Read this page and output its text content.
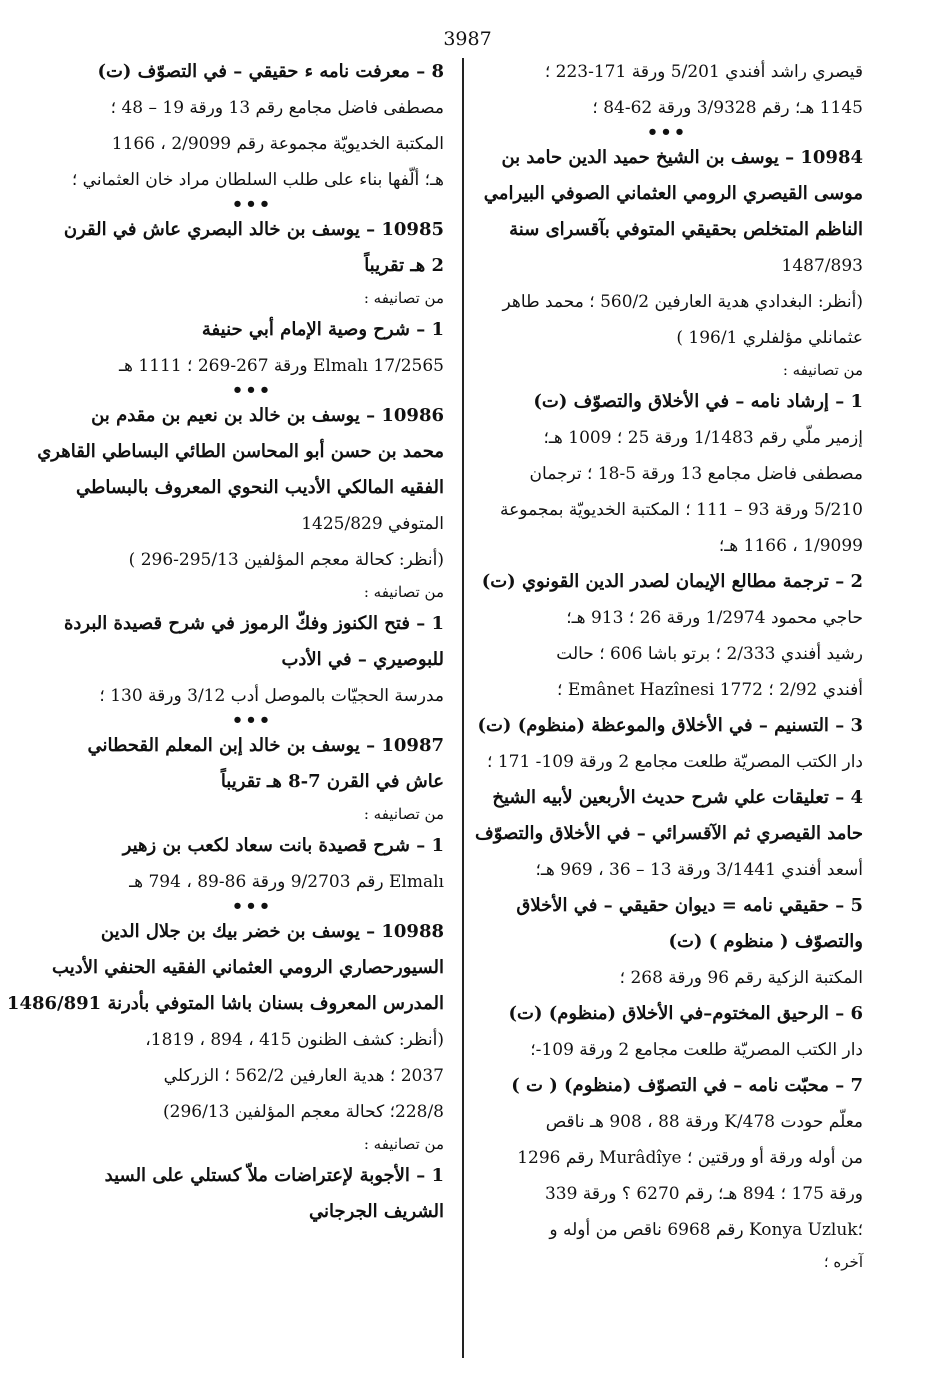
3987
قيصري راشد أفندي 5/201 ورقة 171-223 ؛
1145 هـ؛ رقم 3/9328 ورقة 62-84 ؛
•••
10984 – يوسف بن الشيخ حميد الدين حامد بن
موسى القيصري الرومي العثماني الصوفي البيرامي
الناظم المتخلص بحقيقي المتوفي بآقسراى سنة
1487/893
(أنظر: البغدادي هدية العارفين 560/2 ؛ محمد طاهر
عثمانلي مؤلفلري 196/1 )
من تصانيفه :
1 – إرشاد نامه – في الأخلاق والتصوّف (ت)
إزمير ملّي رقم 1/1483 ورقة 25 ؛ 1009 هـ؛
مصطفى فاضل مجامع 13 ورقة 5-18 ؛ ترجمان
5/210 ورقة 93 – 111 ؛ المكتبة الخديويّة بمجموعة
1/9099 ، 1166 هـ؛
2 – ترجمة مطالع الإيمان لصدر الدين القونوي (ت)
حاجي محمود 1/2974 ورقة 26 ؛ 913 هـ؛
رشيد أفندي 2/333 ؛ برتو باشا 606 ؛ حالت
أفندي 2/92 ؛ 1772 Emânet Hazînesi ؛
3 – التسنيم – في الأخلاق والموعظة (منظوم) (ت)
دار الكتب المصريّة طلعت مجامع 2 ورقة 109- 171 ؛
4 – تعليقات علي شرح حديث الأربعين لأبيه الشيخ
حامد القيصري ثم الآقسرائي – في الأخلاق والتصوّف
أسعد أفندي 3/1441 ورقة 13 – 36 ، 969 هـ؛
5 – حقيقي نامه = ديوان حقيقي – في الأخلاق
والتصوّف ( منظوم ) (ت)
المكتبة الزكية رقم 96 ورقة 268 ؛
6 – الرحيق المختوم–في الأخلاق (منظوم) (ت)
دار الكتب المصريّة طلعت مجامع 2 ورقة 109-؛
7 – محبّت نامه – في التصوّف (منظوم) ( ت )
معلّم حودت 478/K ورقة 88 ، 908 هـ ناقص
من أوله ورقة أو ورقتين ؛ Murâdîye رقم 1296
ورقة 175 ؛ 894 هـ؛ رقم 6270 ؟ ورقة 339
؛Konya Uzluk رقم 6968 ناقص من أوله و
آخره ؛
8 – معرفت نامه ء حقيقي – في التصوّف (ت)
مصطفى فاضل مجامع رقم 13 ورقة 19 – 48 ؛
المكتبة الخديويّة مجموعة رقم 2/9099 ، 1166
هـ؛ ألّفها بناء على طلب السلطان مراد خان العثماني ؛
•••
10985 – يوسف بن خالد البصري عاش في القرن
2 هـ تقريباً
من تصانيفه :
1 – شرح وصية الإمام أبي حنيفة
17/2565 Elmalı ورقة 267-269 ؛ 1111 هـ
•••
10986 – يوسف بن خالد بن نعيم بن مقدم بن
محمد بن حسن أبو المحاسن الطائي البساطي القاهري
الفقيه المالكي الأديب النحوي المعروف بالبساطي
المتوفي 1425/829
(أنظر: كحالة معجم المؤلفين 295/13-296 )
من تصانيفه :
1 – فتح الكنوز وفكّ الرموز في شرح قصيدة البردة
للبوصيري – في الأدب
مدرسة الحجيّات بالموصل أدب 3/12 ورقة 130 ؛
•••
10987 – يوسف بن خالد إبن المعلم القحطاني
عاش في القرن 7-8 هـ تقريباً
من تصانيفه :
1 – شرح قصيدة بانت سعاد لكعب بن زهير
Elmalı رقم 9/2703 ورقة 86-89 ، 794 هـ
•••
10988 – يوسف بن خضر بيك بن جلال الدين
السيورحصاري الرومي العثماني الفقيه الحنفي الأديب
المدرس المعروف بسنان باشا المتوفي بأدرنة 1486/891
(أنظر: كشف الظنون 415 ، 894 ، 1819،
2037 ؛ هدية العارفين 562/2 ؛ الزركلي
228/8؛ كحالة معجم المؤلفين 296/13)
من تصانيفه :
1 – الأجوبة لإعتراضات ملاّ كستلي على السيد
الشريف الجرجاني
